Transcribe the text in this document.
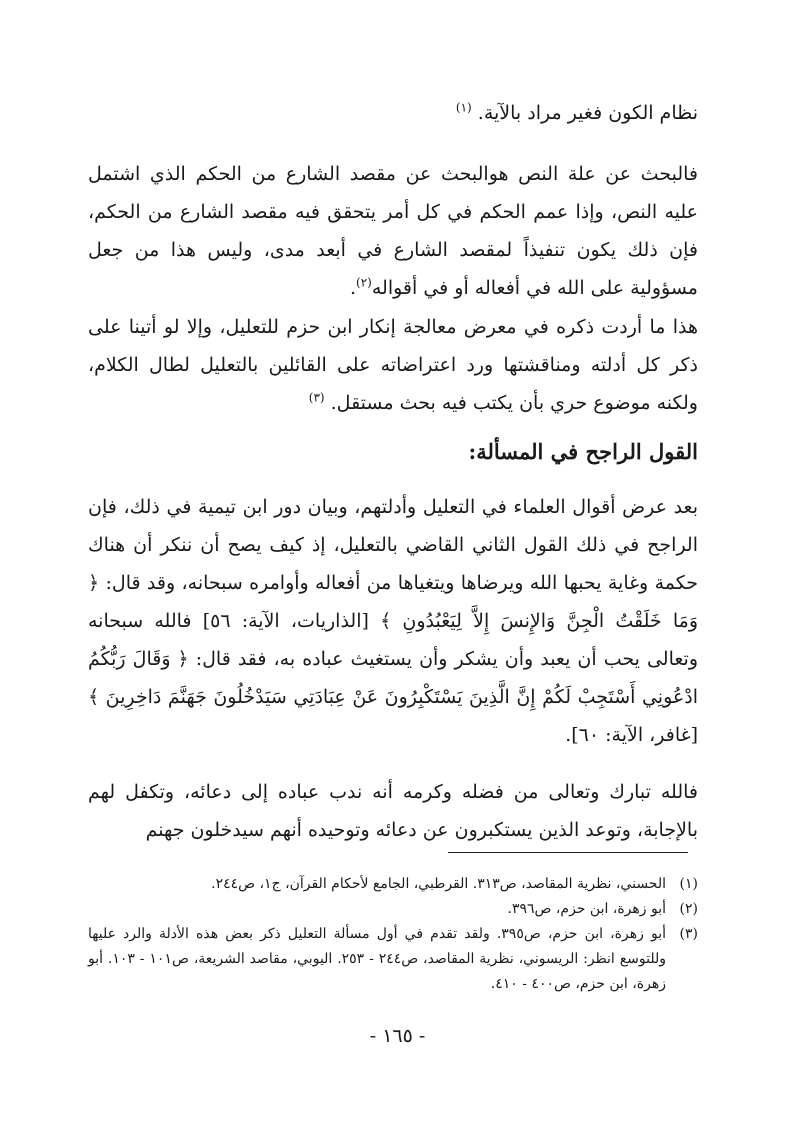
نظام الكون فغير مراد بالآية. $^{(١)}$
فالبحث عن علة النص هوالبحث عن مقصد الشارع من الحكم الذي اشتمل عليه النص، وإذا عمم الحكم في كل أمر يتحقق فيه مقصد الشارع من الحكم، فإن ذلك يكون تنفيذاً لمقصد الشارع في أبعد مدى، وليس هذا من جعل مسؤولية على الله في أفعاله أو في أقواله$^{(٢)}$.
هذا ما أردت ذكره في معرض معالجة إنكار ابن حزم للتعليل، وإلا لو أتينا على ذكر كل أدلته ومناقشتها ورد اعتراضاته على القائلين بالتعليل لطال الكلام، ولكنه موضوع حري بأن يكتب فيه بحث مستقل. $^{(٣)}$
القول الراجح في المسألة:
بعد عرض أقوال العلماء في التعليل وأدلتهم، وبيان دور ابن تيمية في ذلك، فإن الراجح في ذلك القول الثاني القاضي بالتعليل، إذ كيف يصح أن ننكر أن هناك حكمة وغاية يحبها الله ويرضاها ويتغياها من أفعاله وأوامره سبحانه، وقد قال: ﴿ وَمَا خَلَقْتُ الْجِنَّ وَالإِنسَ إِلاَّ لِيَعْبُدُونِ ﴾ [الذاريات، الآية: ٥٦] فالله سبحانه وتعالى يحب أن يعبد وأن يشكر وأن يستغيث عباده به، فقد قال: ﴿ وَقَالَ رَبُّكُمُ ادْعُونِي أَسْتَجِبْ لَكُمْ إِنَّ الَّذِينَ يَسْتَكْبِرُونَ عَنْ عِبَادَتِي سَيَدْخُلُونَ جَهَنَّمَ دَاخِرِينَ ﴾ [غافر، الآية: ٦٠].
فالله تبارك وتعالى من فضله وكرمه أنه ندب عباده إلى دعائه، وتكفل لهم بالإجابة، وتوعد الذين يستكبرون عن دعائه وتوحيده أنهم سيدخلون جهنم
(١)
الحسني، نظرية المقاصد، ص٣١٣. القرطبي، الجامع لأحكام القرآن، ج١، ص٢٤٤.
(٢)
أبو زهرة، ابن حزم، ص٣٩٦.
(٣)
أبو زهرة، ابن حزم، ص٣٩٥. ولقد تقدم في أول مسألة التعليل ذكر بعض هذه الأدلة والرد عليها وللتوسع انظر: الريسوني، نظرية المقاصد، ص٢٤٤ - ٢٥٣. اليوبي، مقاصد الشريعة، ص١٠١ - ١٠٣. أبو زهرة، ابن حزم، ص٤٠٠ - ٤١٠.
- ١٦٥ -
